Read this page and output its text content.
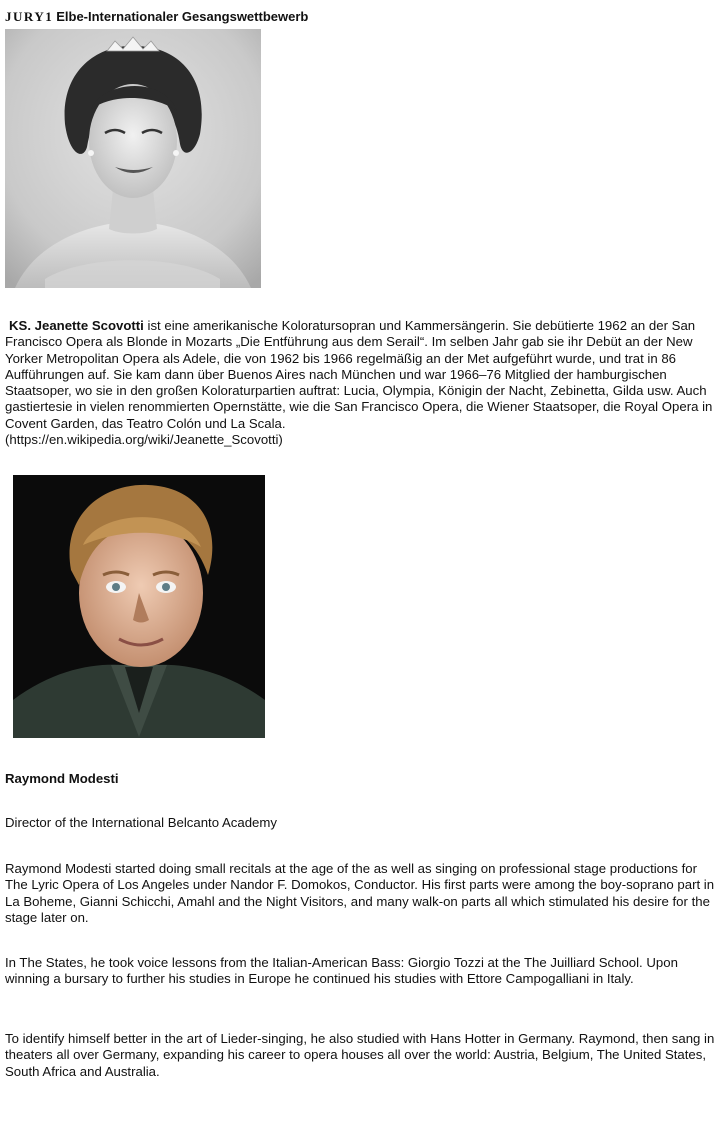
JURY1 Elbe-Internationaler Gesangswettbewerb

KS. Jeanette Scovotti ist eine amerikanische Koloratursopran und Kammersängerin. Sie debütierte 1962 an der San Francisco Opera als Blonde in Mozarts „Die Entführung aus dem Serail“. Im selben Jahr gab sie ihr Debüt an der New Yorker Metropolitan Opera als Adele, die von 1962 bis 1966 regelmäßig an der Met aufgeführt wurde, und trat in 86 Aufführungen auf. Sie kam dann über Buenos Aires nach München und war 1966–76 Mitglied der hamburgischen Staatsoper, wo sie in den großen Koloraturpartien auftrat: Lucia, Olympia, Königin der Nacht, Zebinetta, Gilda usw. Auch gastiertesie in vielen renommierten Opernstätte, wie die San Francisco Opera, die Wiener Staatsoper, die Royal Opera in Covent Garden, das Teatro Colón und La Scala.
(https://en.wikipedia.org/wiki/Jeanette_Scovotti)

Raymond Modesti

Director of the International Belcanto Academy

Raymond Modesti started doing small recitals at the age of the as well as singing on professional stage productions for The Lyric Opera of Los Angeles under Nandor F. Domokos, Conductor. His first parts were among the boy-soprano part in La Boheme, Gianni Schicchi, Amahl and the Night Visitors, and many walk-on parts all which stimulated his desire for the stage later on.

In The States, he took voice lessons from the Italian-American Bass: Giorgio Tozzi at the The Juilliard School. Upon winning a bursary to further his studies in Europe he continued his studies with Ettore Campogalliani in Italy.

To identify himself better in the art of Lieder-singing, he also studied with Hans Hotter in Germany. Raymond, then sang in theaters all over Germany, expanding his career to opera houses all over the world: Austria, Belgium, The United States, South Africa and Australia.
